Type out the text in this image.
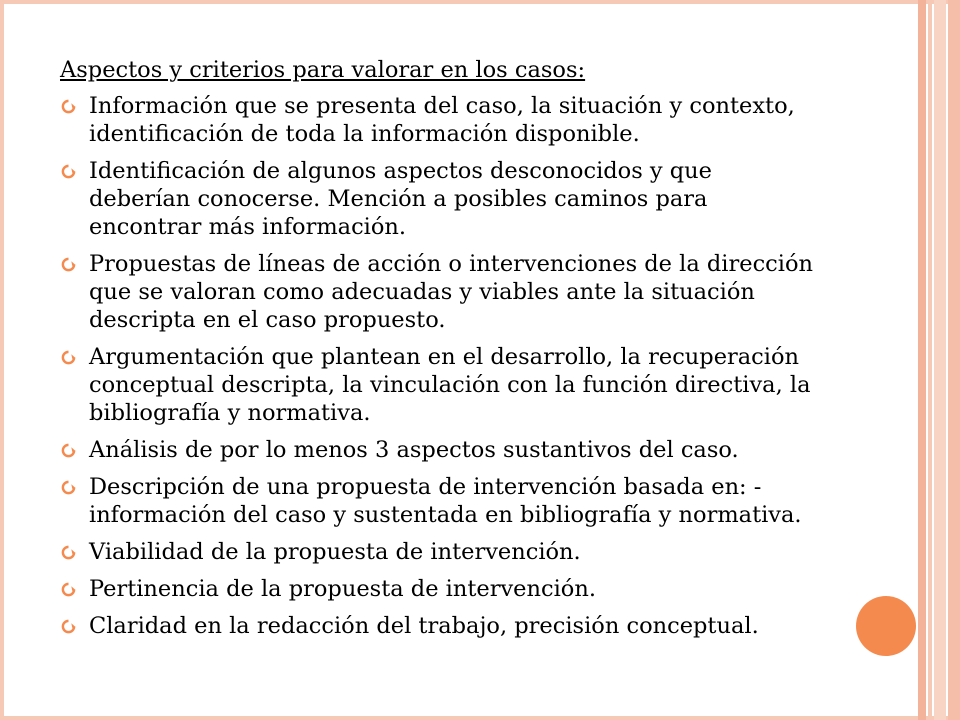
Aspectos y criterios para valorar en los casos:
Información que se presenta del caso, la situación y contexto, identificación de toda la información disponible.
Identificación de algunos aspectos desconocidos y que deberían conocerse. Mención a posibles caminos para encontrar más información.
Propuestas de líneas de acción o intervenciones de la dirección que se valoran como adecuadas y viables ante la situación descripta en el caso propuesto.
Argumentación que plantean en el desarrollo, la recuperación conceptual descripta, la vinculación con la función directiva, la bibliografía y normativa.
Análisis de por lo menos 3 aspectos sustantivos del caso.
Descripción de una propuesta de intervención basada en: - información del caso y sustentada en bibliografía y normativa.
Viabilidad de la propuesta de intervención.
Pertinencia de la propuesta de intervención.
Claridad en la redacción del trabajo, precisión conceptual.
